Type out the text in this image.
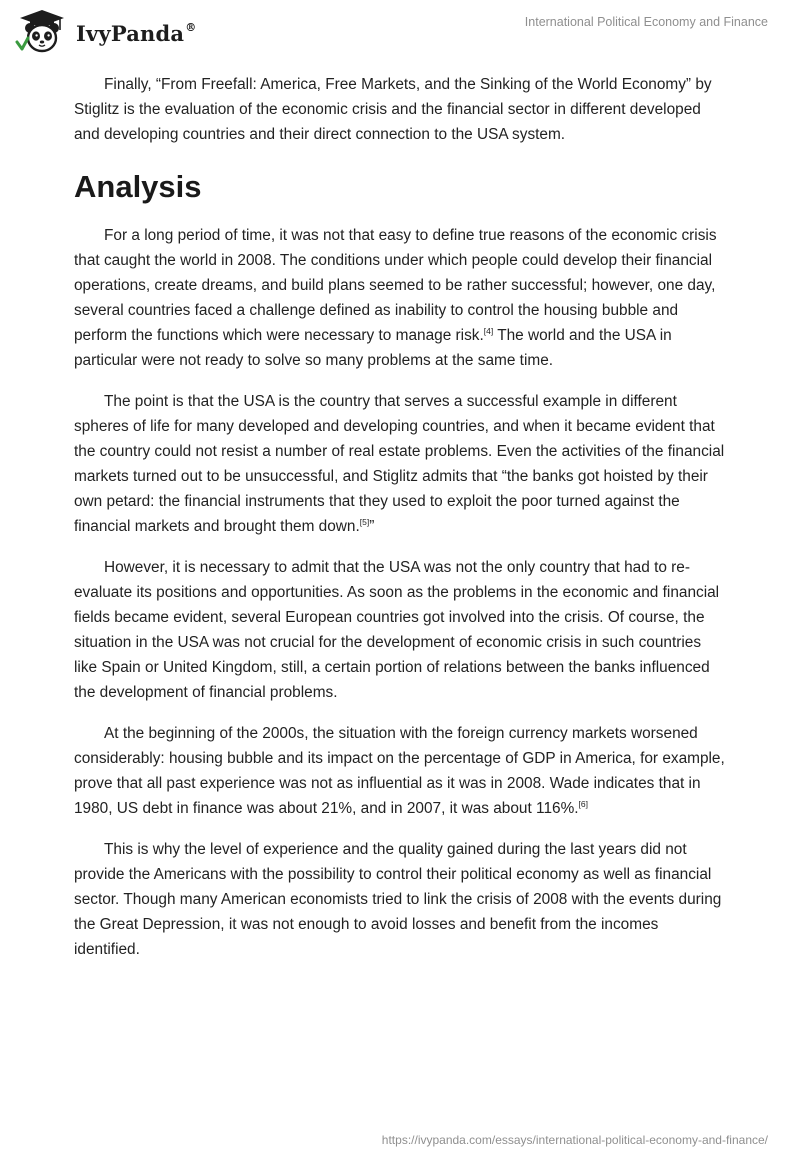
IvyPanda®	International Political Economy and Finance

Finally, “From Freefall: America, Free Markets, and the Sinking of the World Economy” by Stiglitz is the evaluation of the economic crisis and the financial sector in different developed and developing countries and their direct connection to the USA system.

Analysis

For a long period of time, it was not that easy to define true reasons of the economic crisis that caught the world in 2008. The conditions under which people could develop their financial operations, create dreams, and build plans seemed to be rather successful; however, one day, several countries faced a challenge defined as inability to control the housing bubble and perform the functions which were necessary to manage risk.[4] The world and the USA in particular were not ready to solve so many problems at the same time.

The point is that the USA is the country that serves a successful example in different spheres of life for many developed and developing countries, and when it became evident that the country could not resist a number of real estate problems. Even the activities of the financial markets turned out to be unsuccessful, and Stiglitz admits that “the banks got hoisted by their own petard: the financial instruments that they used to exploit the poor turned against the financial markets and brought them down.[5]”

However, it is necessary to admit that the USA was not the only country that had to re-evaluate its positions and opportunities. As soon as the problems in the economic and financial fields became evident, several European countries got involved into the crisis. Of course, the situation in the USA was not crucial for the development of economic crisis in such countries like Spain or United Kingdom, still, a certain portion of relations between the banks influenced the development of financial problems.

At the beginning of the 2000s, the situation with the foreign currency markets worsened considerably: housing bubble and its impact on the percentage of GDP in America, for example, prove that all past experience was not as influential as it was in 2008. Wade indicates that in 1980, US debt in finance was about 21%, and in 2007, it was about 116%.[6]

This is why the level of experience and the quality gained during the last years did not provide the Americans with the possibility to control their political economy as well as financial sector. Though many American economists tried to link the crisis of 2008 with the events during the Great Depression, it was not enough to avoid losses and benefit from the incomes identified.

https://ivypanda.com/essays/international-political-economy-and-finance/
